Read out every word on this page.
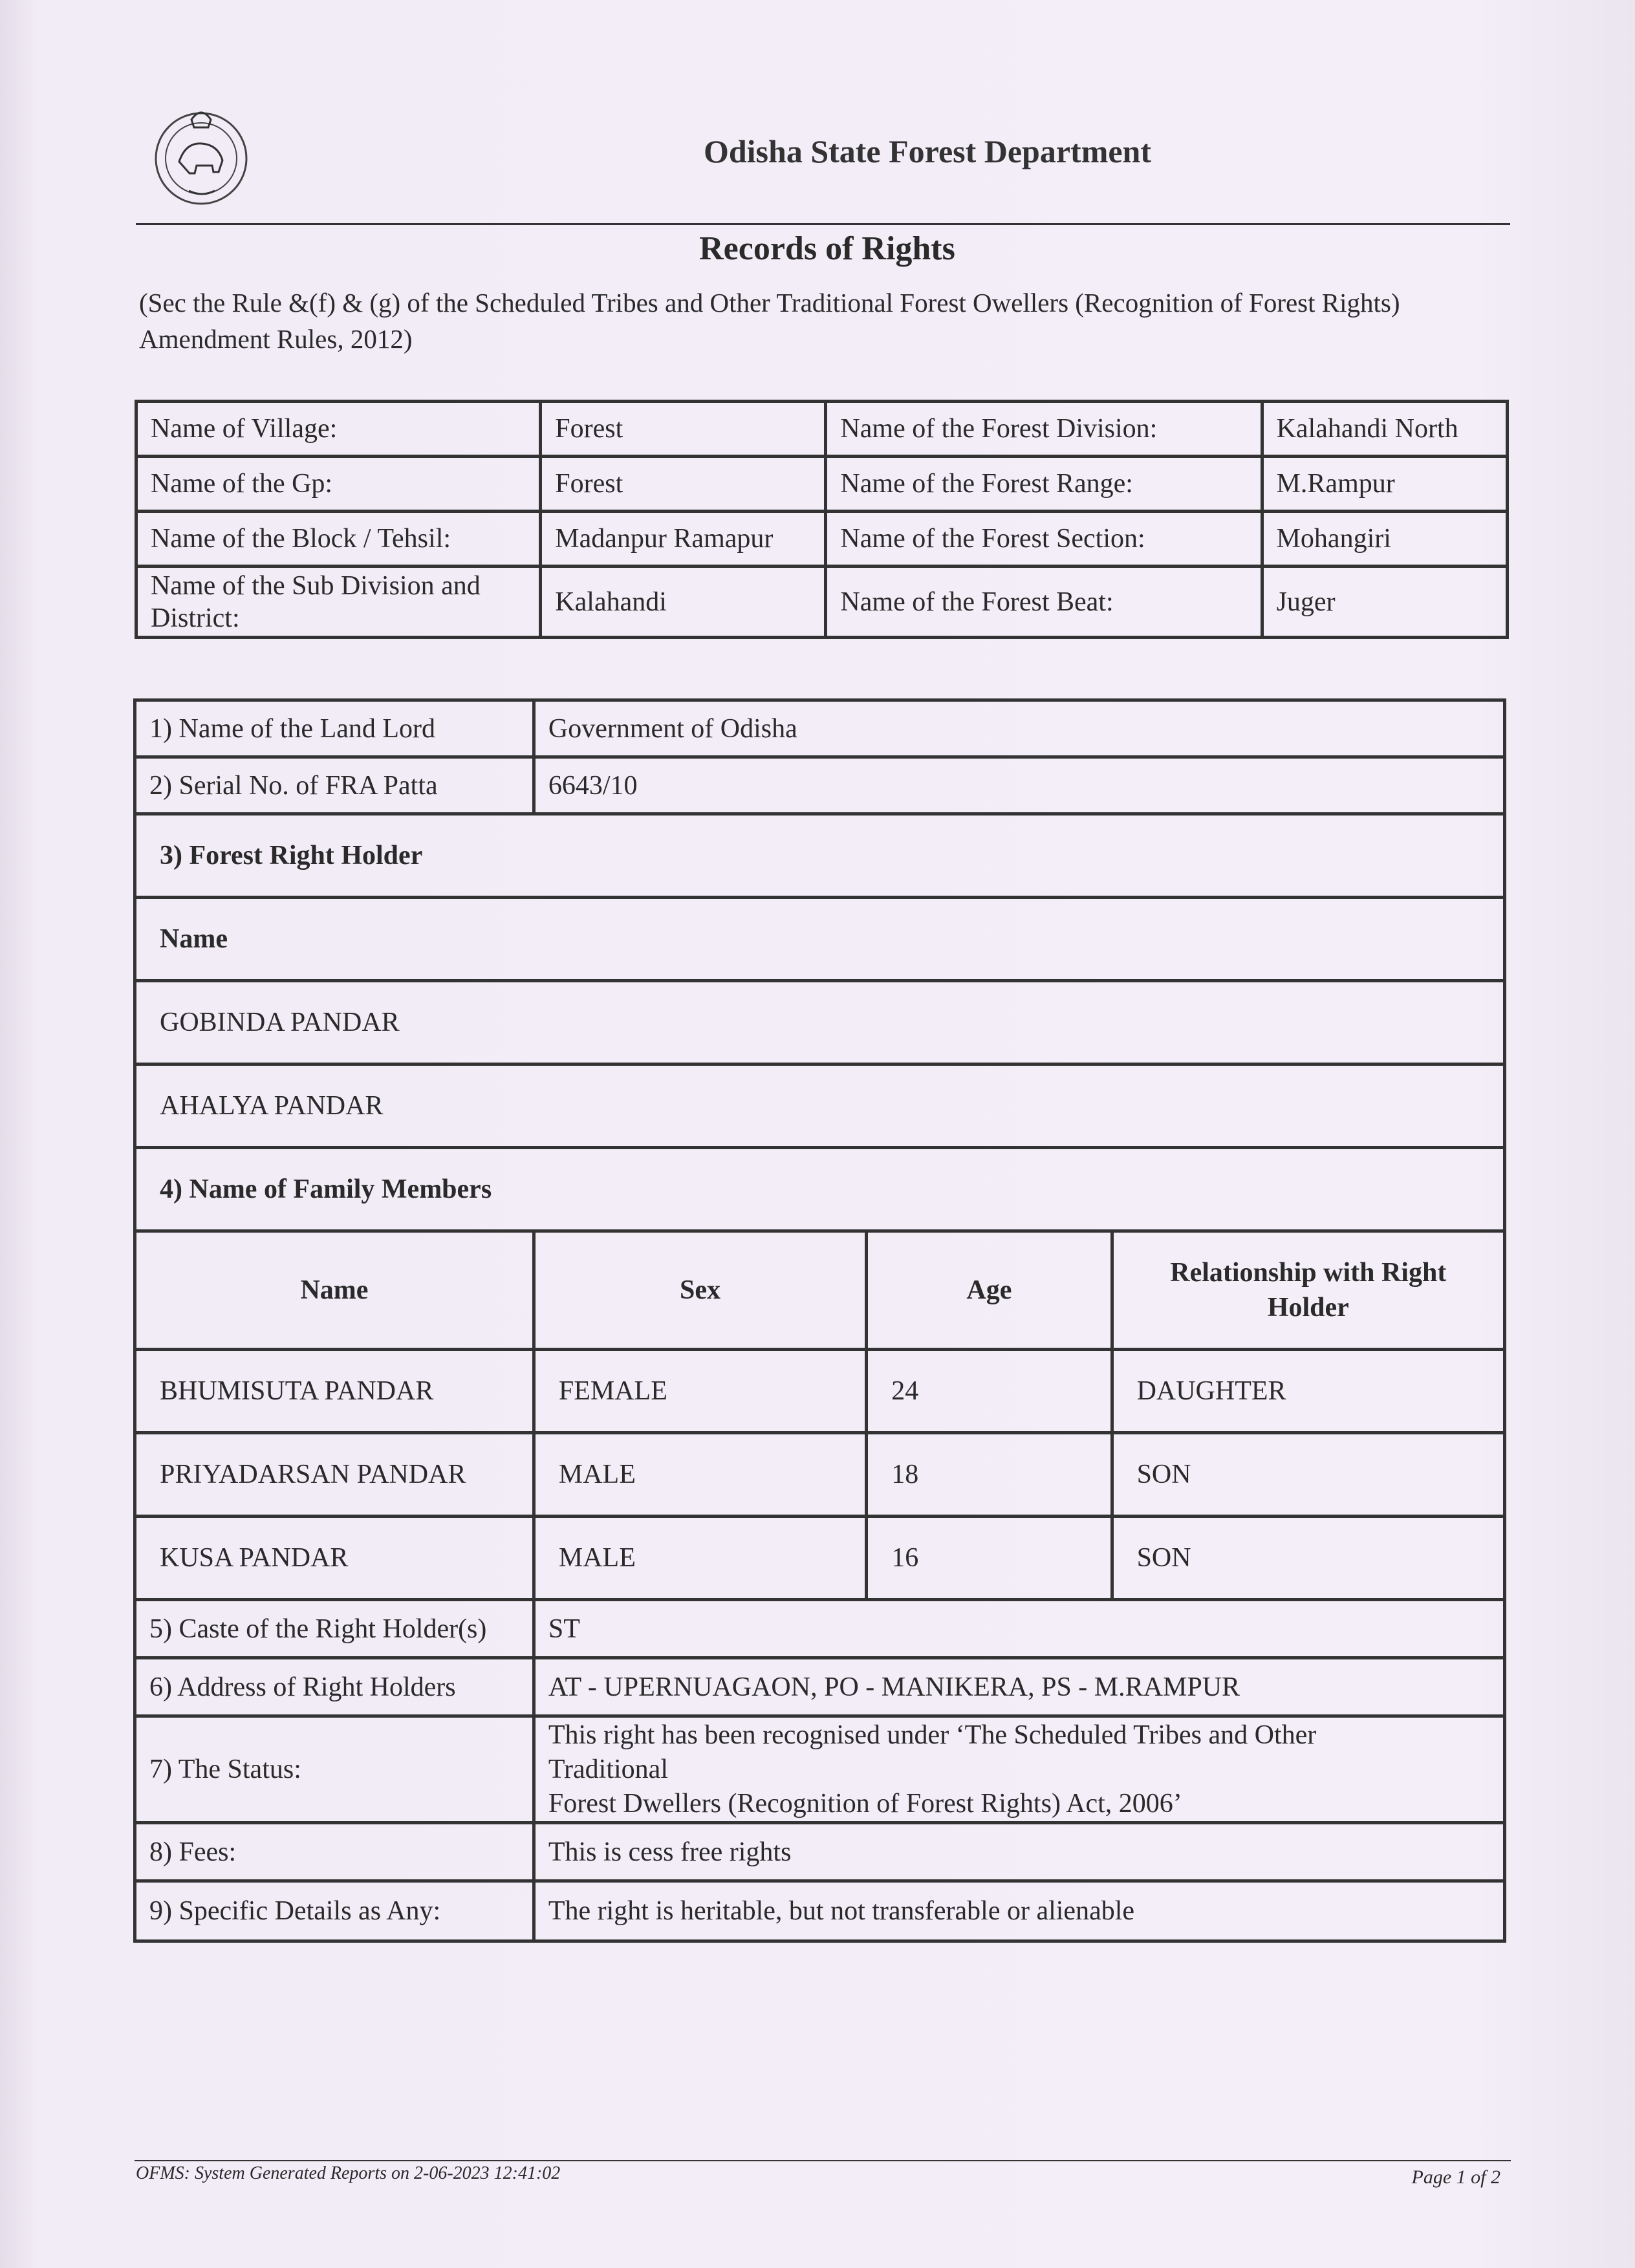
Odisha State Forest Department
Records of Rights
(Sec the Rule &(f) & (g) of the Scheduled Tribes and Other Traditional Forest Owellers (Recognition of Forest Rights) Amendment Rules, 2012)
Name of Village:	Forest	Name of the Forest Division:	Kalahandi North
Name of the Gp:	Forest	Name of the Forest Range:	M.Rampur
Name of the Block / Tehsil:	Madanpur Ramapur	Name of the Forest Section:	Mohangiri
Name of the Sub Division and District:	Kalahandi	Name of the Forest Beat:	Juger
1) Name of the Land Lord	Government of Odisha		
2) Serial No. of FRA Patta	6643/10		
3) Forest Right Holder			
Name			
GOBINDA PANDAR			
AHALYA PANDAR			
4) Name of Family Members			
Name	Sex	Age	Relationship with Right Holder
BHUMISUTA PANDAR	FEMALE	24	DAUGHTER
PRIYADARSAN PANDAR	MALE	18	SON
KUSA PANDAR	MALE	16	SON
5) Caste of the Right Holder(s)	ST		
6) Address of Right Holders	AT - UPERNUAGAON, PO - MANIKERA, PS - M.RAMPUR		
7) The Status:	This right has been recognised under ‘The Scheduled Tribes and Other Traditional
Forest Dwellers (Recognition of Forest Rights) Act, 2006’		

8) Fees:	This is cess free rights		
9) Specific Details as Any:	The right is heritable, but not transferable or alienable		
OFMS: System Generated Reports on 2-06-2023 12:41:02	Page 1 of 2
